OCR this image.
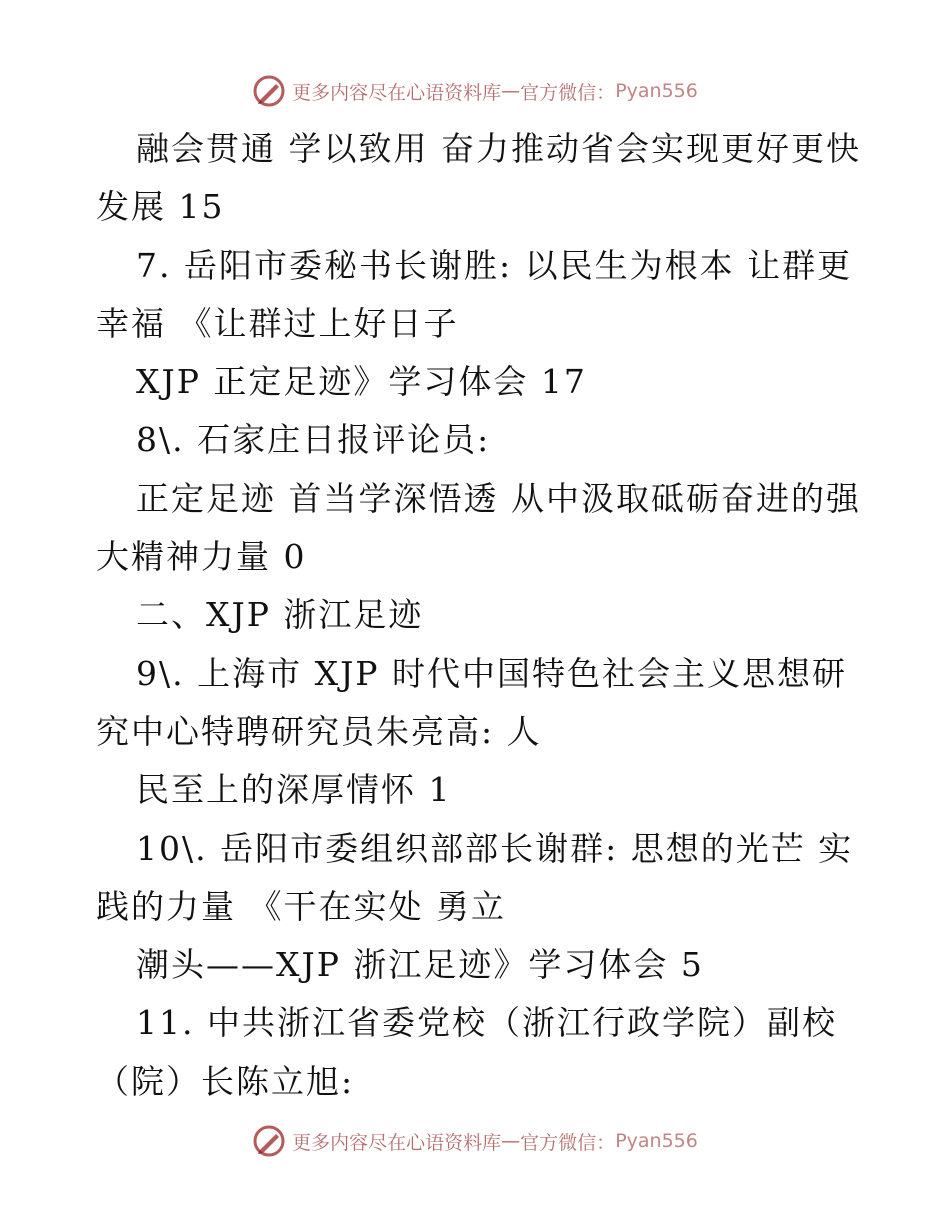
更多内容尽在心语资料库 — 官方微信： Pyan556
融会贯通 学以致用 奋力推动省会实现更好更快
发展 15
7. 岳阳市委秘书长谢胜: 以民生为根本 让群更
幸福 《让群过上好日子
XJP 正定足迹》学习体会 17
8\. 石家庄日报评论员:
正定足迹 首当学深悟透 从中汲取砥砺奋进的强
大精神力量 0
二、XJP 浙江足迹
9\. 上海市 XJP 时代中国特色社会主义思想研
究中心特聘研究员朱亮高: 人
民至上的深厚情怀 1
10\. 岳阳市委组织部部长谢群: 思想的光芒 实
践的力量 《干在实处 勇立
潮头——XJP 浙江足迹》学习体会 5
11. 中共浙江省委党校（浙江行政学院）副校
（院）长陈立旭:
更多内容尽在心语资料库 — 官方微信： Pyan556
